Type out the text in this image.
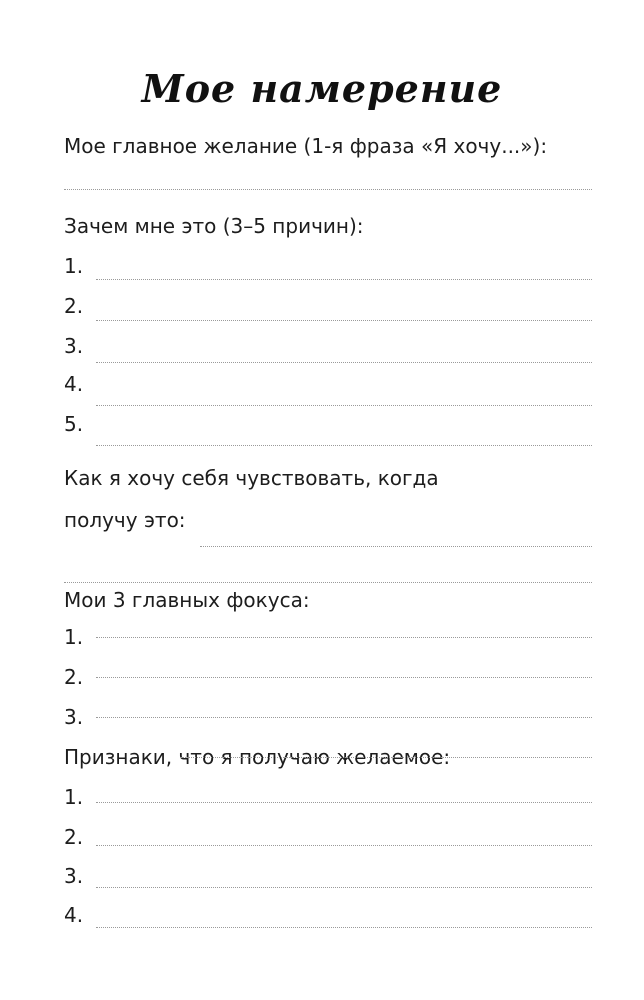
Мое намерение
Мое главное желание (1-я фраза «Я хочу...»):
Зачем мне это (3–5 причин):
1.
2.
3.
4.
5.
Как я хочу себя чувствовать, когда
получу это:
Мои 3 главных фокуса:
1.
2.
3.
Признаки, что я получаю желаемое:
1.
2.
3.
4.
